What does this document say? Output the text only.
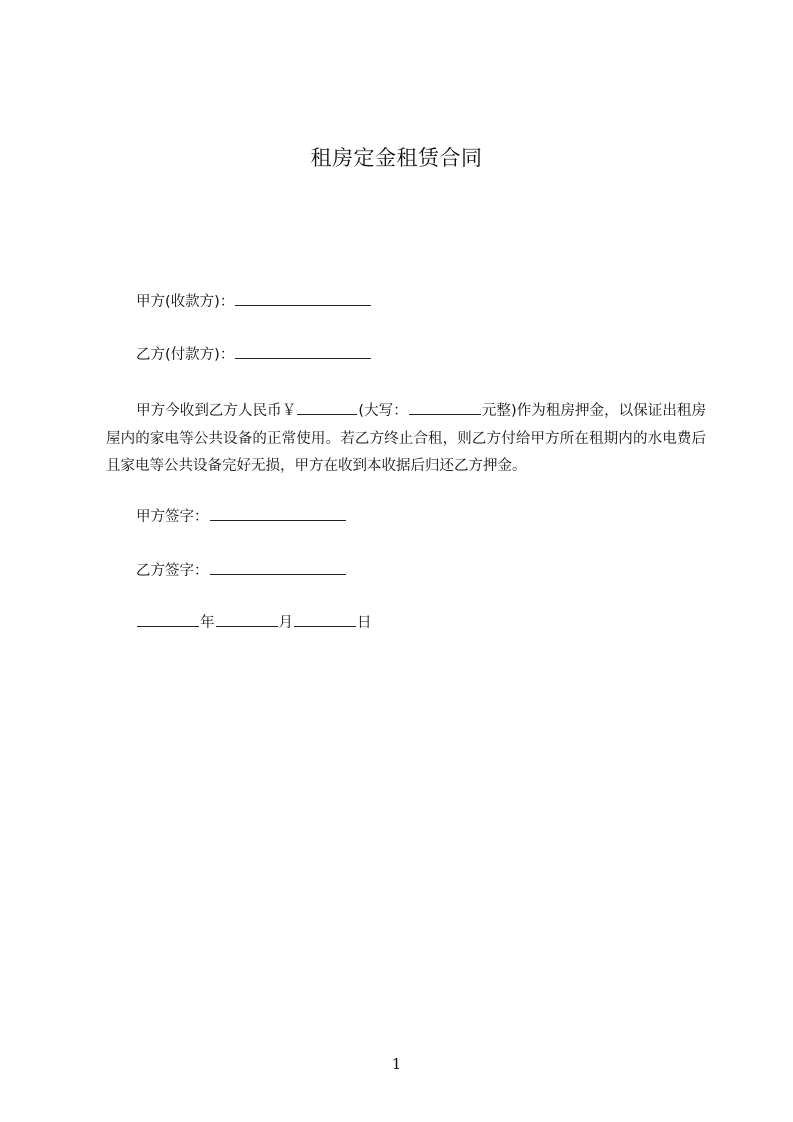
租房定金租赁合同
甲方(收款方)：
乙方(付款方)：
甲方今收到乙方人民币￥	(大写：	元整)作为租房押金，以保证出租房屋内的家电等公共设备的正常使用。若乙方终止合租，则乙方付给甲方所在租期内的水电费后且家电等公共设备完好无损，甲方在收到本收据后归还乙方押金。
甲方签字：
乙方签字：
年	月	日
1
